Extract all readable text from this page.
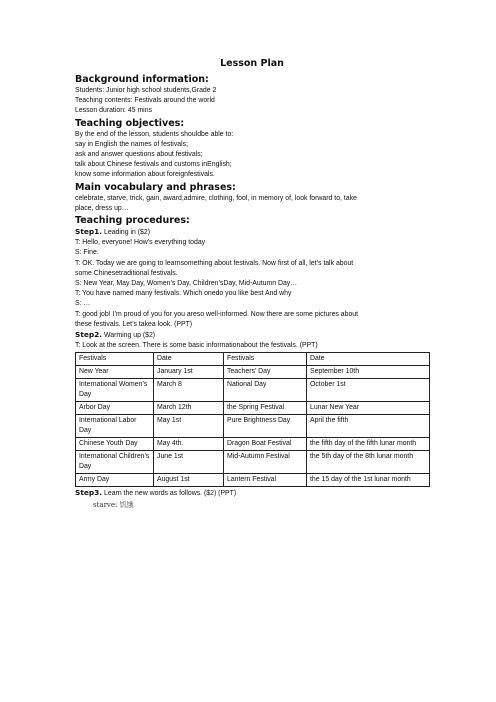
Lesson Plan
Background information:
Students: Junior high school students,Grade 2
Teaching contents: Festivals around the world
Lesson duration: 45 mins
Teaching objectives:
By the end of the lesson, students shouldbe able to:
say in English the names of festivals;
ask and answer questions about festivals;
talk about Chinese festivals and customs inEnglish;
know some information about foreignfestivals.
Main vocabulary and phrases:
celebrate, starve, trick, gain, award,admire, clothing, fool, in memory of, look forward to, take
place, dress up…
Teaching procedures:
Step1. Leading in ($2)
T: Hello, everyone! How’s everything today
S: Fine.
T: OK. Today we are going to learnsomething about festivals. Now first of all, let’s talk about
some Chinesetraditional festivals.
S: New Year, May Day, Women’s Day, Children’sDay, Mid-Autumn Day…
T: You have named many festivals. Which onedo you like best And why
S: …
T: good job! I’m proud of you for you areso well-informed. Now there are some pictures about
these festivals. Let’s takea look. (PPT)
Step2. Warming up ($2)
T: Look at the screen. There is some basic informationabout the festivals. (PPT)
Festivals	Date	Festivals	Date
New Year	January 1st	Teachers’ Day	September 10th
International Women’s Day	March 8	National Day	October 1st
Arbor Day	March 12th	the Spring Festival	Lunar New Year
International Labor Day	May 1st	Pure Brightness Day	April the fifth
Chinese Youth Day	May 4th.	Dragon Boat Festival	the fifth day of the fifth lunar month
International Children’s Day	June 1st	Mid-Autumn Festival	the 5th day of the 8th lunar month
Army Day	August 1st	Lantern Festival	the 15 day of the 1st lunar month
Step3. Learn the new words as follows. ($2) (PPT)
starve: 饥饿
